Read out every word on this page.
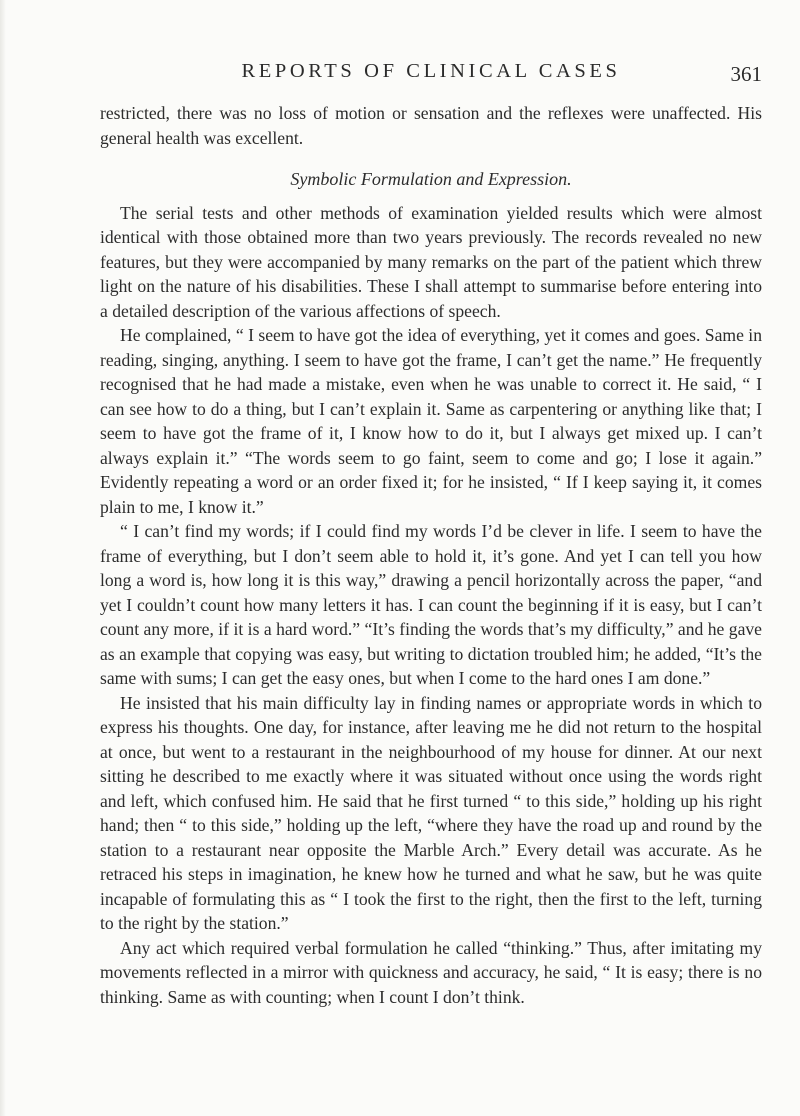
REPORTS OF CLINICAL CASES	361

restricted, there was no loss of motion or sensation and the reflexes were unaffected. His general health was excellent.

Symbolic Formulation and Expression.

The serial tests and other methods of examination yielded results which were almost identical with those obtained more than two years previously. The records revealed no new features, but they were accompanied by many remarks on the part of the patient which threw light on the nature of his disabilities. These I shall attempt to summarise before entering into a detailed description of the various affections of speech.

He complained, “ I seem to have got the idea of everything, yet it comes and goes. Same in reading, singing, anything. I seem to have got the frame, I can’t get the name.” He frequently recognised that he had made a mistake, even when he was unable to correct it. He said, “ I can see how to do a thing, but I can’t explain it. Same as carpentering or anything like that; I seem to have got the frame of it, I know how to do it, but I always get mixed up. I can’t always explain it.” “The words seem to go faint, seem to come and go; I lose it again.” Evidently repeating a word or an order fixed it; for he insisted, “ If I keep saying it, it comes plain to me, I know it.”

“ I can’t find my words; if I could find my words I’d be clever in life. I seem to have the frame of everything, but I don’t seem able to hold it, it’s gone. And yet I can tell you how long a word is, how long it is this way,” drawing a pencil horizontally across the paper, “and yet I couldn’t count how many letters it has. I can count the beginning if it is easy, but I can’t count any more, if it is a hard word.” “It’s finding the words that’s my difficulty,” and he gave as an example that copying was easy, but writing to dictation troubled him; he added, “It’s the same with sums; I can get the easy ones, but when I come to the hard ones I am done.”

He insisted that his main difficulty lay in finding names or appropriate words in which to express his thoughts. One day, for instance, after leaving me he did not return to the hospital at once, but went to a restaurant in the neighbourhood of my house for dinner. At our next sitting he described to me exactly where it was situated without once using the words right and left, which confused him. He said that he first turned “ to this side,” holding up his right hand; then “ to this side,” holding up the left, “where they have the road up and round by the station to a restaurant near opposite the Marble Arch.” Every detail was accurate. As he retraced his steps in imagination, he knew how he turned and what he saw, but he was quite incapable of formulating this as “ I took the first to the right, then the first to the left, turning to the right by the station.”

Any act which required verbal formulation he called “thinking.” Thus, after imitating my movements reflected in a mirror with quickness and accuracy, he said, “ It is easy; there is no thinking. Same as with counting; when I count I don’t think.
